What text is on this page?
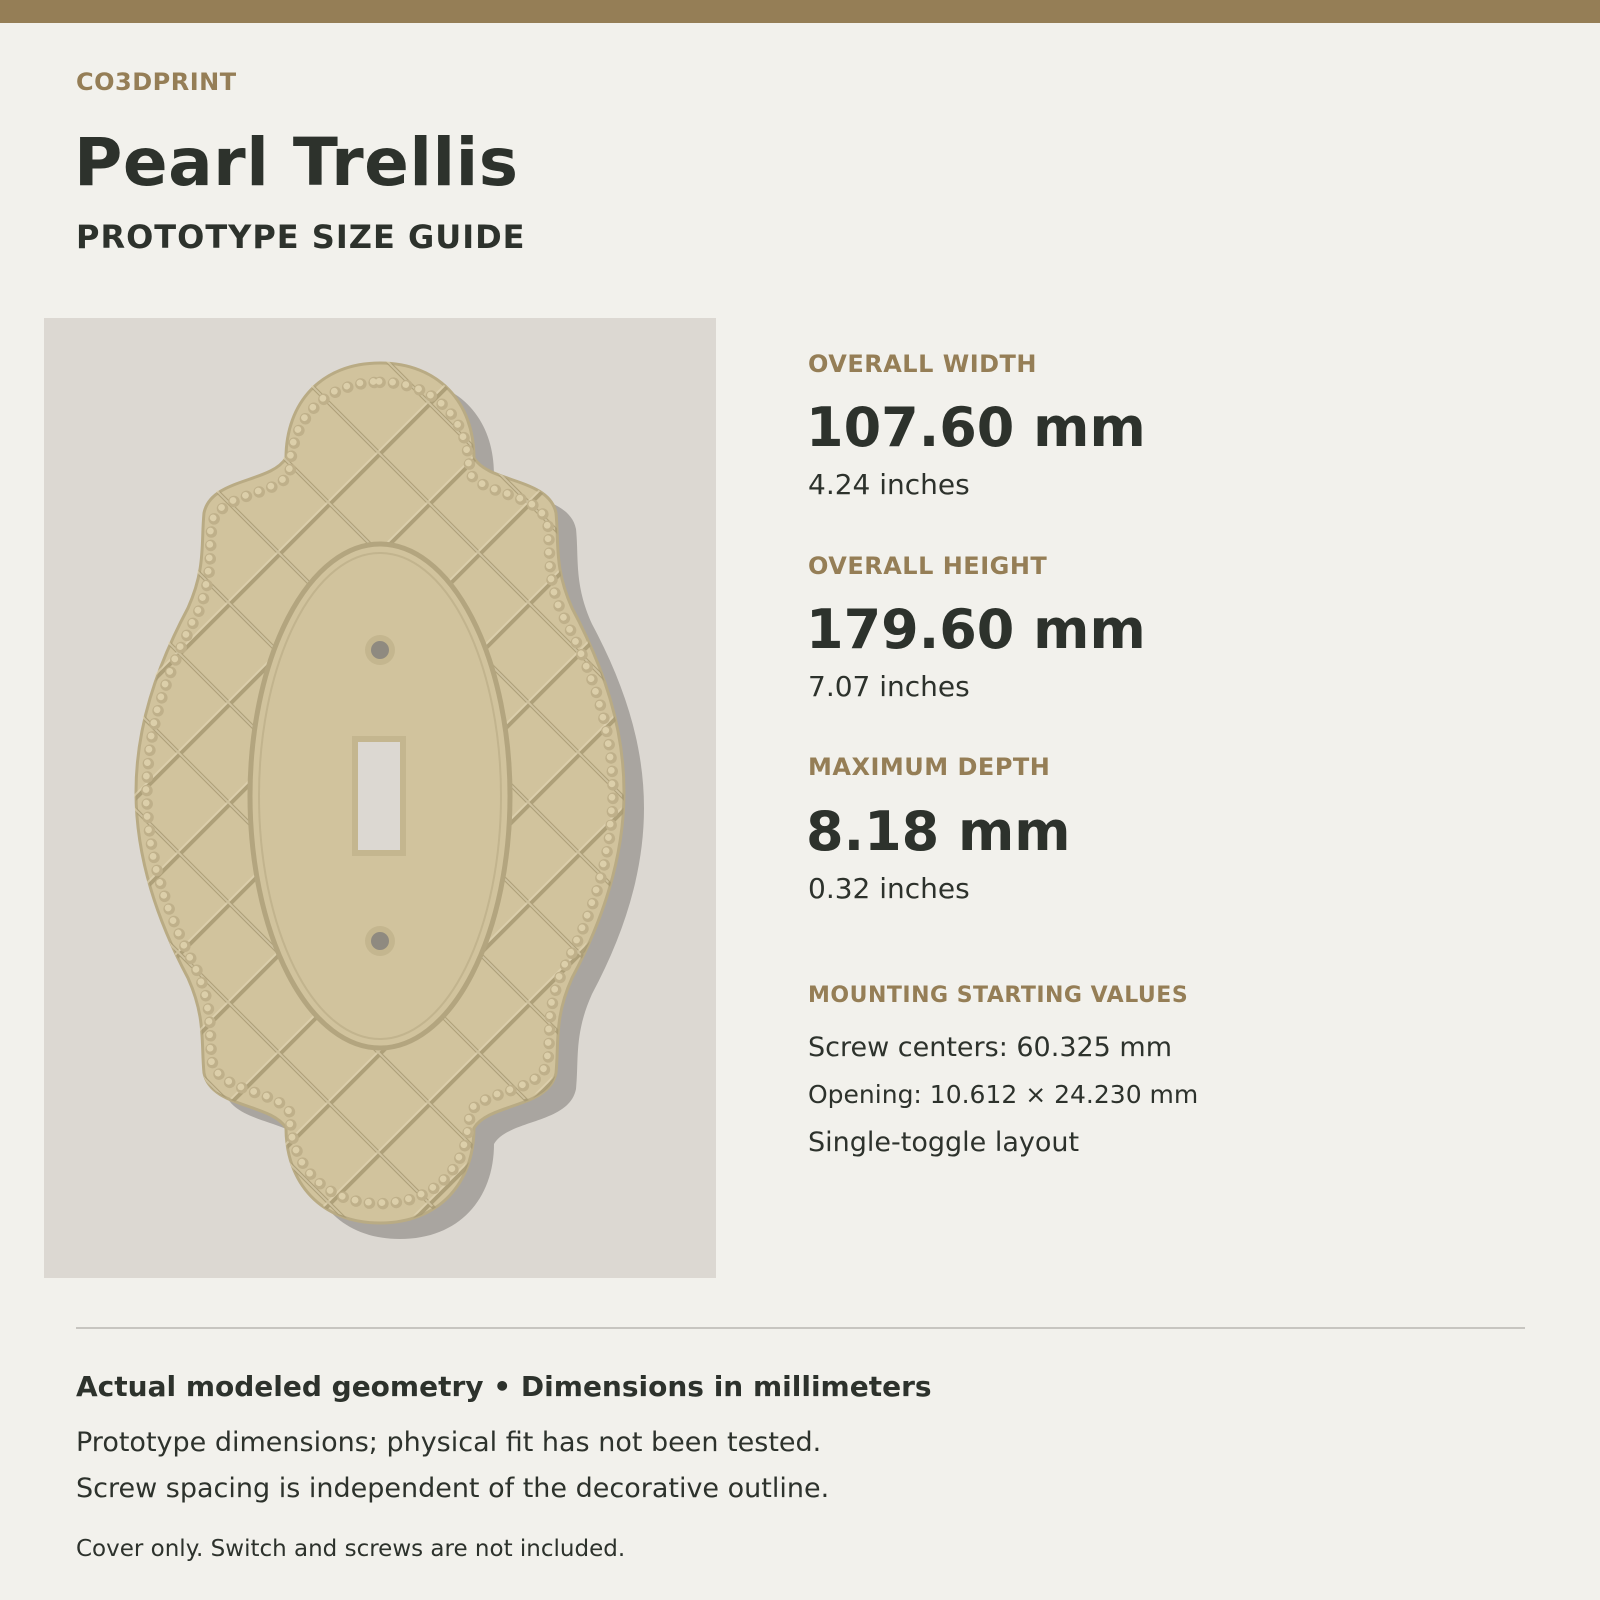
CO3DPRINT
Pearl Trellis
PROTOTYPE SIZE GUIDE
OVERALL WIDTH
107.60 mm
4.24 inches
OVERALL HEIGHT
179.60 mm
7.07 inches
MAXIMUM DEPTH
8.18 mm
0.32 inches
MOUNTING STARTING VALUES
Screw centers: 60.325 mm
Opening: 10.612 × 24.230 mm
Single-toggle layout
Actual modeled geometry • Dimensions in millimeters
Prototype dimensions; physical fit has not been tested.
Screw spacing is independent of the decorative outline.
Cover only. Switch and screws are not included.
